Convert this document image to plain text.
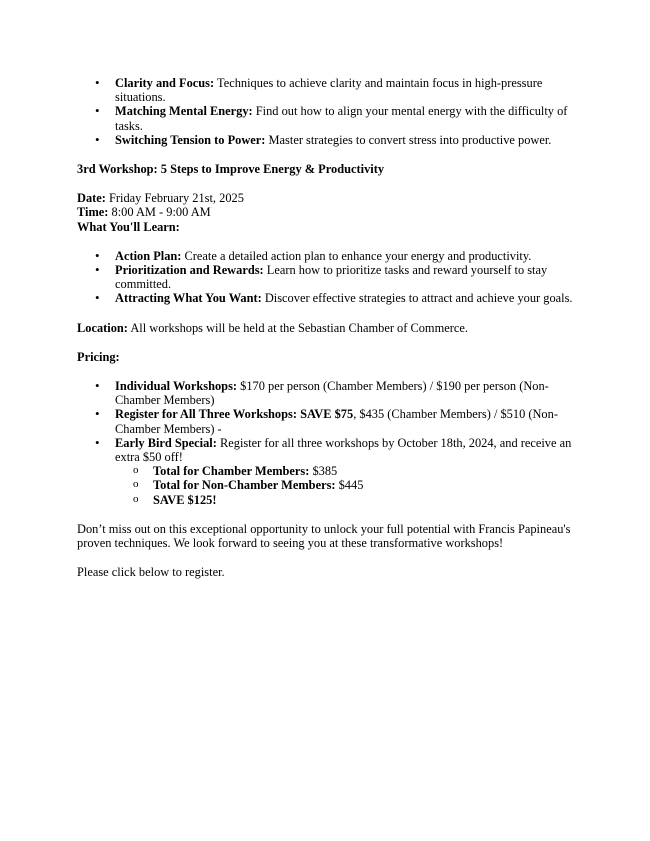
• Clarity and Focus: Techniques to achieve clarity and maintain focus in high-pressure situations.
• Matching Mental Energy: Find out how to align your mental energy with the difficulty of tasks.
• Switching Tension to Power: Master strategies to convert stress into productive power.

3rd Workshop: 5 Steps to Improve Energy & Productivity

Date: Friday February 21st, 2025

Time: 8:00 AM - 9:00 AM

What You'll Learn:

• Action Plan: Create a detailed action plan to enhance your energy and productivity.
• Prioritization and Rewards: Learn how to prioritize tasks and reward yourself to stay committed.
• Attracting What You Want: Discover effective strategies to attract and achieve your goals.

Location: All workshops will be held at the Sebastian Chamber of Commerce.

Pricing:

• Individual Workshops: $170 per person (Chamber Members) / $190 per person (Non-Chamber Members)
• Register for All Three Workshops: SAVE $75, $435 (Chamber Members) / $510 (Non-Chamber Members) -
• Early Bird Special: Register for all three workshops by October 18th, 2024, and receive an extra $50 off!
o Total for Chamber Members: $385
o Total for Non-Chamber Members: $445
o SAVE $125!

Don’t miss out on this exceptional opportunity to unlock your full potential with Francis Papineau's proven techniques. We look forward to seeing you at these transformative workshops!

Please click below to register.
